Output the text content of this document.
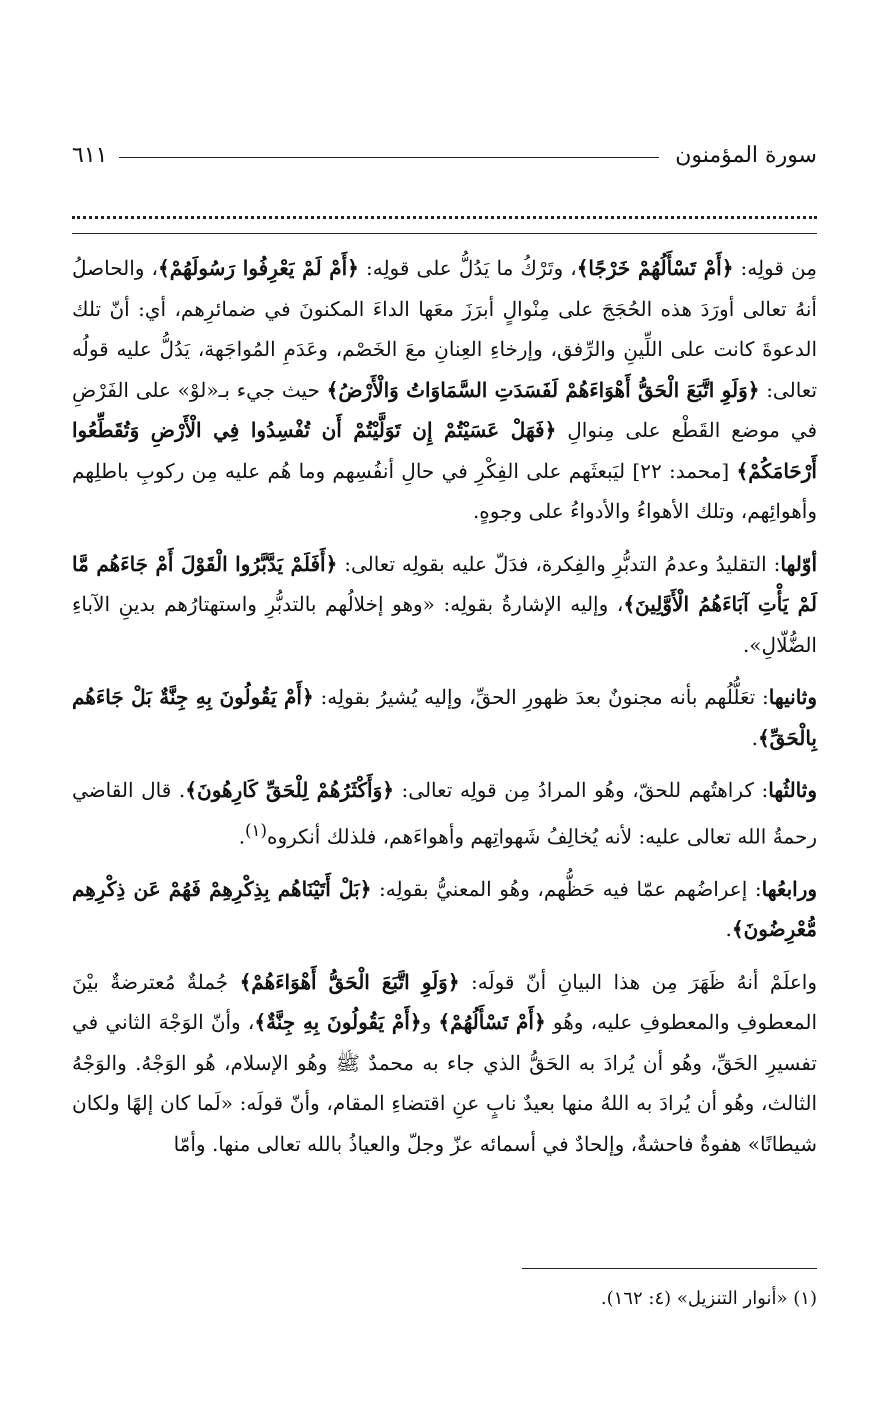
سورة المؤمنون
٦١١

مِن قولِه: ﴿أَمْ تَسْأَلُهُمْ خَرْجًا﴾، وتَرْكُ ما يَدُلُّ على قولِه: ﴿أَمْ لَمْ يَعْرِفُوا رَسُولَهُمْ﴾، والحاصلُ أنهُ تعالى أورَدَ هذه الحُجَجَ على مِنْوالٍ أبرَزَ معَها الداءَ المكنونَ في ضمائرِهم، أي: أنّ تلك الدعوةَ كانت على اللِّينِ والرِّفق، وإرخاءِ العِنانِ معَ الخَصْم، وعَدَمِ المُواجَهة، يَدُلُّ عليه قولُه تعالى: ﴿وَلَوِ اتَّبَعَ الْحَقُّ أَهْوَاءَهُمْ لَفَسَدَتِ السَّمَاوَاتُ وَالْأَرْضُ﴾ حيث جيء بـ«لوْ» على الفَرْضِ في موضع القَطْع على مِنوالِ ﴿فَهَلْ عَسَيْتُمْ إِن تَوَلَّيْتُمْ أَن تُفْسِدُوا فِي الْأَرْضِ وَتُقَطِّعُوا أَرْحَامَكُمْ﴾ [محمد: ٢٢] ليَبعثَهم على الفِكْرِ في حالِ أنفُسِهم وما هُم عليه مِن ركوبِ باطلِهم وأهوائِهم، وتلك الأهواءُ والأدواءُ على وجوهٍ.

أوّلها: التقليدُ وعدمُ التدبُّرِ والفِكرة، فدَلّ عليه بقولِه تعالى: ﴿أَفَلَمْ يَدَّبَّرُوا الْقَوْلَ أَمْ جَاءَهُم مَّا لَمْ يَأْتِ آبَاءَهُمُ الْأَوَّلِينَ﴾، وإليه الإشارةُ بقولِه: «وهو إخلالُهم بالتدبُّرِ واستهتارُهم بدينِ الآباءِ الضُّلّالِ».

وثانيها: تعَلُّلُهم بأنه مجنونٌ بعدَ ظهورِ الحقِّ، وإليه يُشيرُ بقولِه: ﴿أَمْ يَقُولُونَ بِهِ جِنَّةٌ بَلْ جَاءَهُم بِالْحَقِّ﴾.

وثالثُها: كراهتُهم للحقّ، وهُو المرادُ مِن قولِه تعالى: ﴿وَأَكْثَرُهُمْ لِلْحَقِّ كَارِهُونَ﴾. قال القاضي رحمةُ الله تعالى عليه: لأنه يُخالِفُ شَهواتِهم وأهواءَهم، فلذلك أنكروه$^{(١)}$.

ورابعُها: إعراضُهم عمّا فيه حَظُّهم، وهُو المعنيُّ بقولِه: ﴿بَلْ أَتَيْنَاهُم بِذِكْرِهِمْ فَهُمْ عَن ذِكْرِهِم مُّعْرِضُونَ﴾.

واعلَمْ أنهُ ظَهَرَ مِن هذا البيانِ أنّ قولَه: ﴿وَلَوِ اتَّبَعَ الْحَقُّ أَهْوَاءَهُمْ﴾ جُملةٌ مُعترضةٌ بيْنَ المعطوفِ والمعطوفِ عليه، وهُو ﴿أَمْ تَسْأَلُهُمْ﴾ و﴿أَمْ يَقُولُونَ بِهِ جِنَّةٌ﴾، وأنّ الوَجْهَ الثاني في تفسيرِ الحَقِّ، وهُو أن يُرادَ به الحَقُّ الذي جاء به محمدٌ ﷺ وهُو الإسلام، هُو الوَجْهُ. والوَجْهُ الثالث، وهُو أن يُرادَ به اللهُ منها بعيدٌ نابٍ عنِ اقتضاءِ المقام، وأنّ قولَه: «لَما كان إلهًا ولكان شيطانًا» هفوةٌ فاحشةٌ، وإلحادٌ في أسمائه عزّ وجلّ والعياذُ بالله تعالى منها. وأمّا

(١) «أنوار التنزيل» (٤: ١٦٢).
